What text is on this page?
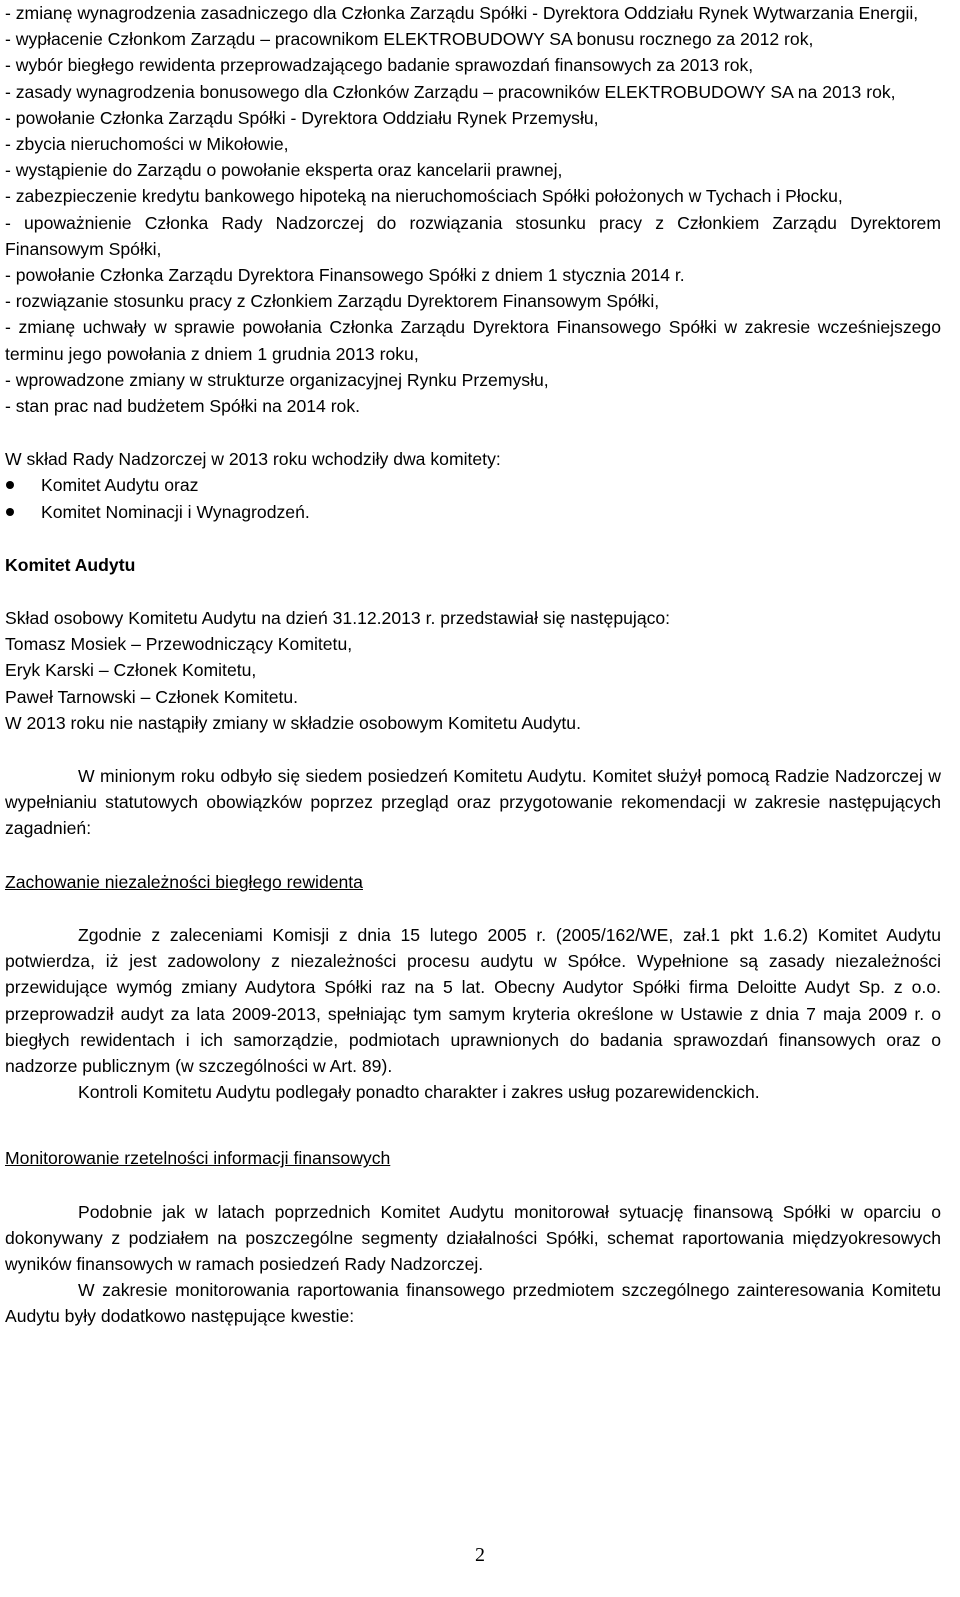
- zmianę wynagrodzenia zasadniczego dla Członka Zarządu Spółki - Dyrektora Oddziału Rynek Wytwarzania Energii,

- wypłacenie Członkom Zarządu – pracownikom ELEKTROBUDOWY SA bonusu rocznego za 2012 rok,

- wybór biegłego rewidenta przeprowadzającego badanie sprawozdań finansowych za 2013 rok,

- zasady wynagrodzenia bonusowego dla Członków Zarządu – pracowników ELEKTROBUDOWY SA na 2013 rok,

- powołanie Członka Zarządu Spółki - Dyrektora Oddziału Rynek Przemysłu,

- zbycia nieruchomości w Mikołowie,

- wystąpienie do Zarządu o powołanie eksperta oraz kancelarii prawnej,

- zabezpieczenie kredytu bankowego hipoteką na nieruchomościach Spółki położonych w Tychach i Płocku,

- upoważnienie Członka Rady Nadzorczej do rozwiązania stosunku pracy z Członkiem Zarządu Dyrektorem Finansowym Spółki,

- powołanie Członka Zarządu Dyrektora Finansowego Spółki z dniem 1 stycznia 2014 r.

- rozwiązanie stosunku pracy z Członkiem Zarządu Dyrektorem Finansowym Spółki,

- zmianę uchwały w sprawie powołania Członka Zarządu Dyrektora Finansowego Spółki w zakresie wcześniejszego terminu jego powołania z dniem 1 grudnia 2013 roku,

- wprowadzone zmiany w strukturze organizacyjnej Rynku Przemysłu,

- stan prac nad budżetem Spółki na 2014 rok.

W skład Rady Nadzorczej w 2013 roku wchodziły dwa komitety:
Komitet Audytu oraz
Komitet Nominacji i Wynagrodzeń.
Komitet Audytu

Skład osobowy Komitetu Audytu na dzień 31.12.2013 r. przedstawiał się następująco:

Tomasz Mosiek – Przewodniczący Komitetu,

Eryk Karski – Członek Komitetu,

Paweł Tarnowski – Członek Komitetu.

W 2013 roku nie nastąpiły zmiany w składzie osobowym Komitetu Audytu.

W minionym roku odbyło się siedem posiedzeń Komitetu Audytu. Komitet służył pomocą Radzie Nadzorczej w wypełnianiu statutowych obowiązków poprzez przegląd oraz przygotowanie rekomendacji w zakresie następujących zagadnień:

Zachowanie niezależności biegłego rewidenta

Zgodnie z zaleceniami Komisji z dnia 15 lutego 2005 r. (2005/162/WE, zał.1 pkt 1.6.2) Komitet Audytu potwierdza, iż jest zadowolony z niezależności procesu audytu w Spółce. Wypełnione są zasady niezależności przewidujące wymóg zmiany Audytora Spółki raz na 5 lat. Obecny Audytor Spółki firma Deloitte Audyt Sp. z o.o. przeprowadził audyt za lata 2009-2013, spełniając tym samym kryteria określone w Ustawie z dnia 7 maja 2009 r. o biegłych rewidentach i ich samorządzie, podmiotach uprawnionych do badania sprawozdań finansowych oraz o nadzorze publicznym (w szczególności w Art. 89).

Kontroli Komitetu Audytu podlegały ponadto charakter i zakres usług pozarewidenckich.

Monitorowanie rzetelności informacji finansowych

Podobnie jak w latach poprzednich Komitet Audytu monitorował sytuację finansową Spółki w oparciu o dokonywany z podziałem na poszczególne segmenty działalności Spółki, schemat raportowania międzyokresowych wyników finansowych w ramach posiedzeń Rady Nadzorczej.

W zakresie monitorowania raportowania finansowego przedmiotem szczególnego zainteresowania Komitetu Audytu były dodatkowo następujące kwestie:

2
